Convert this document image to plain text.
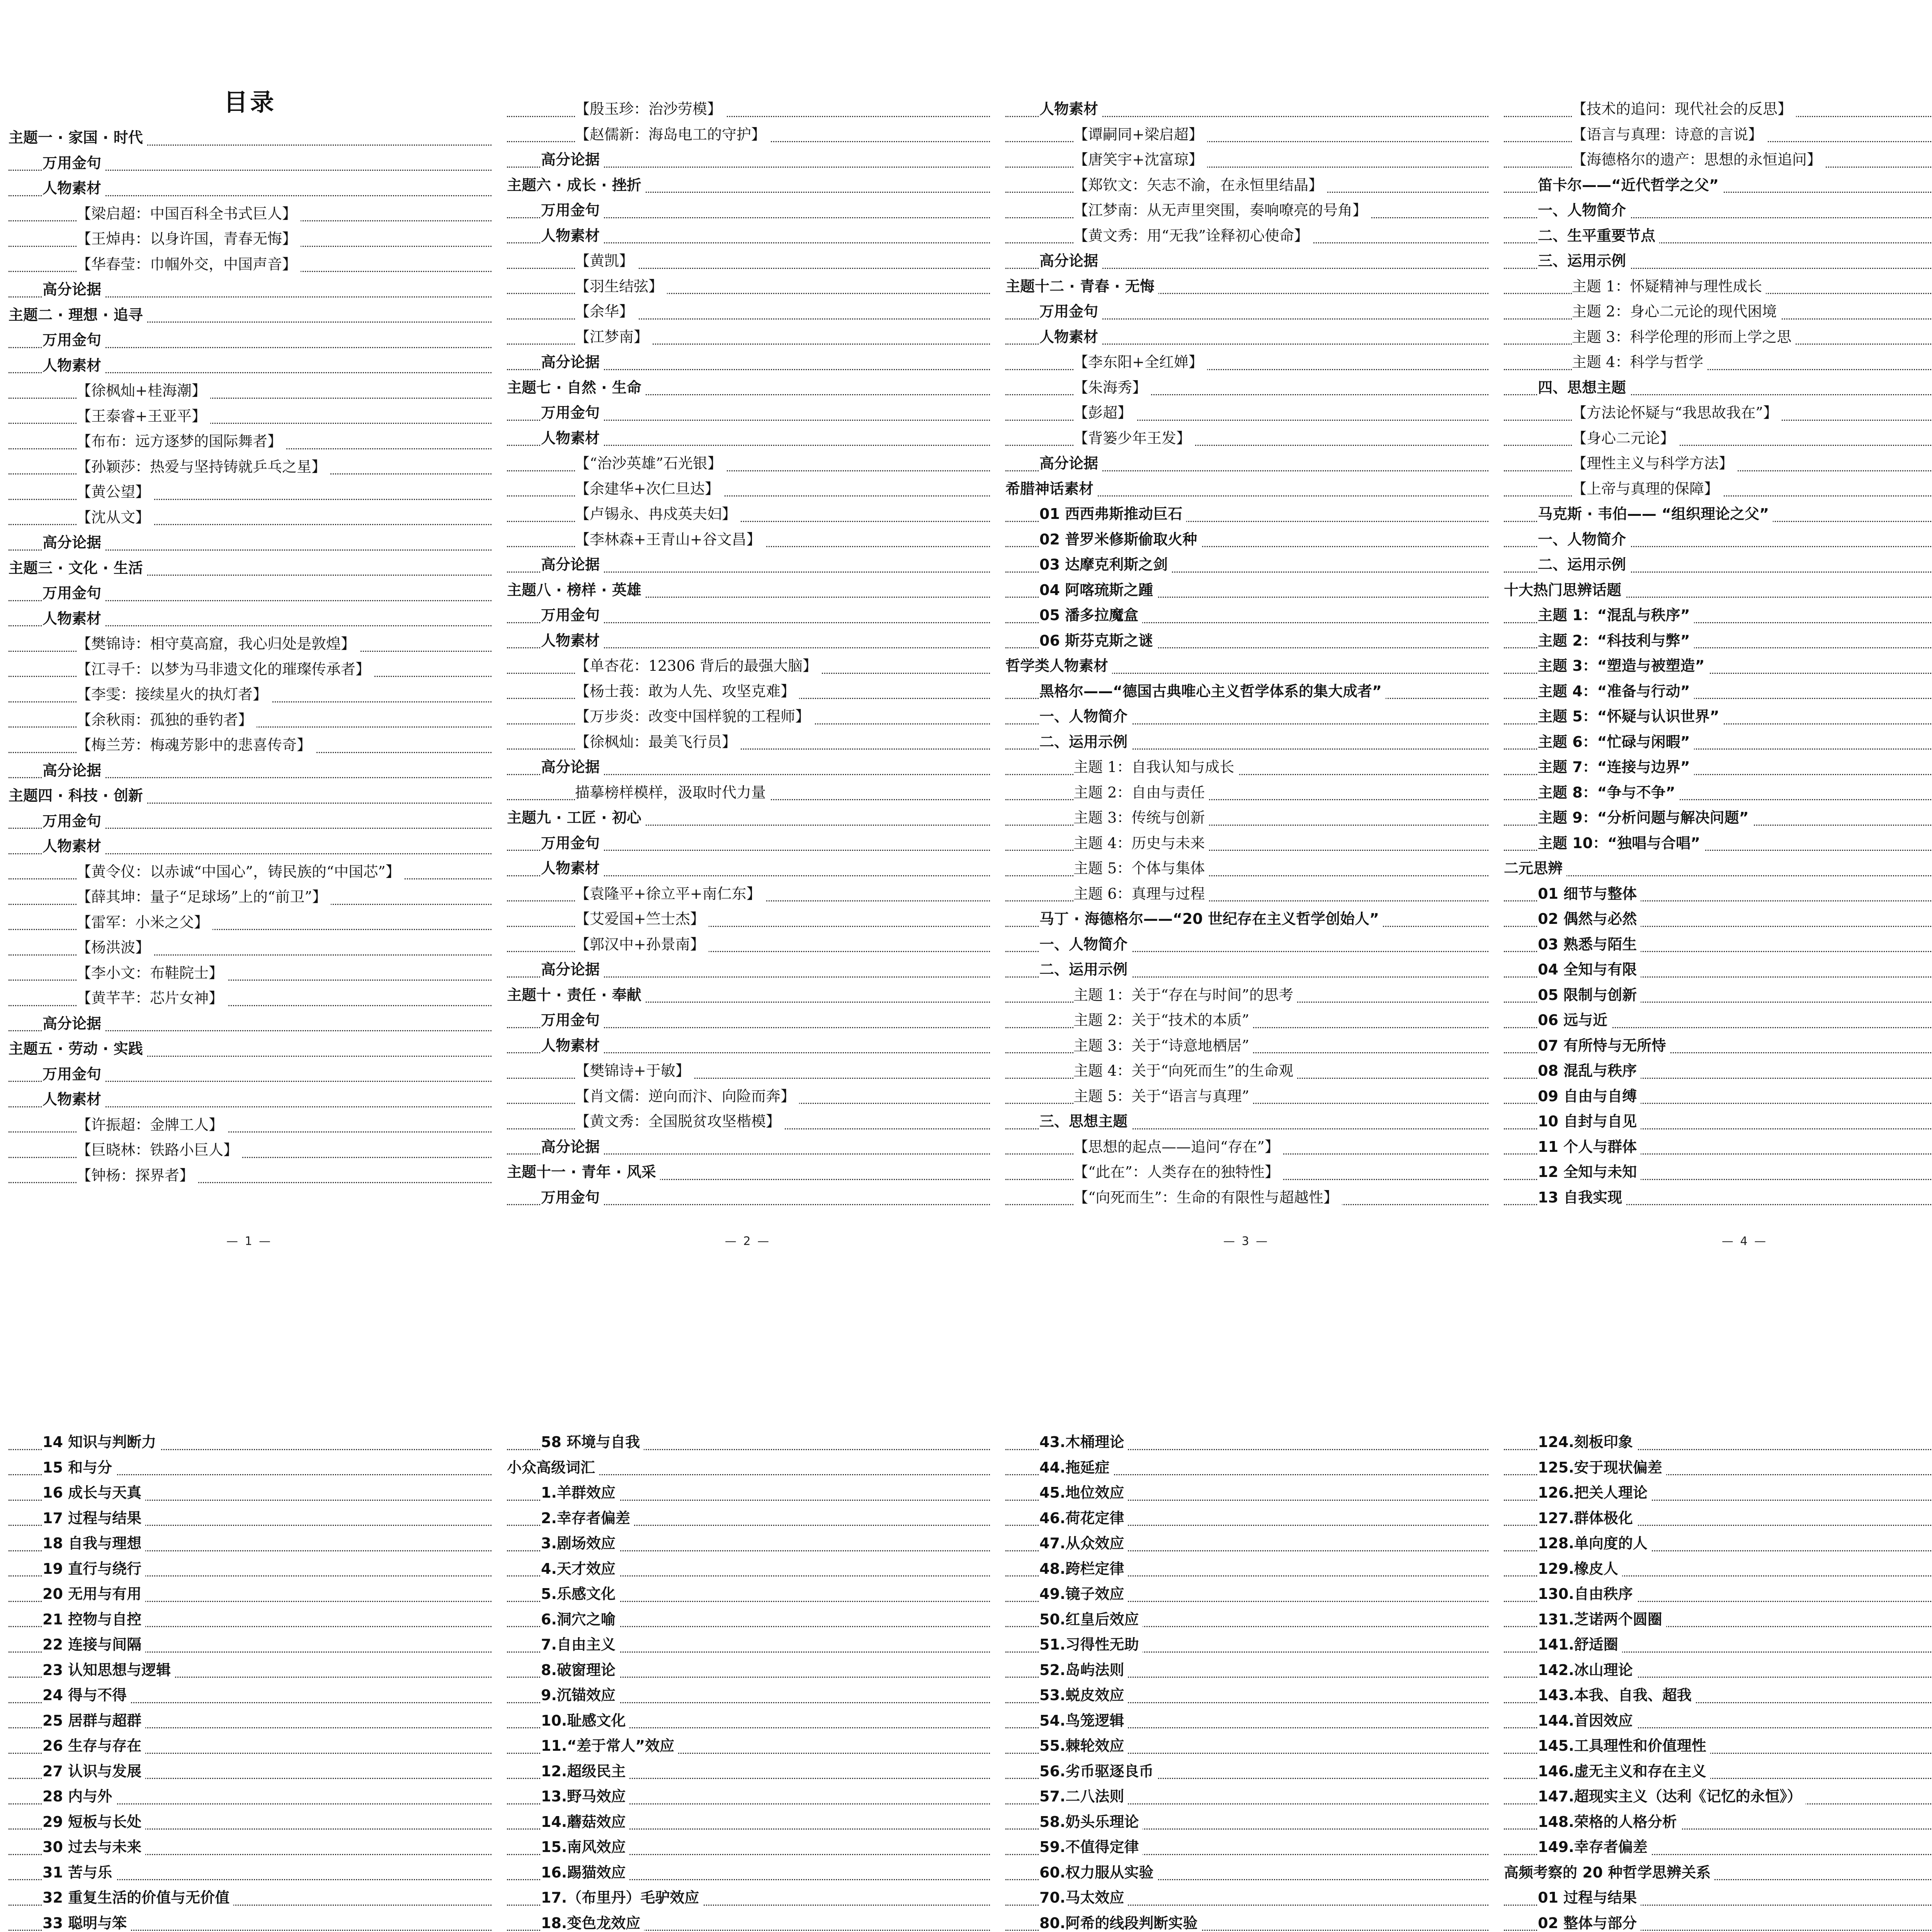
目录
主题一 · 家国 · 时代
万用金句
人物素材
【梁启超：中国百科全书式巨人】
【王焯冉：以身许国，青春无悔】
【华春莹：巾帼外交，中国声音】
高分论据
主题二 · 理想 · 追寻
万用金句
人物素材
【徐枫灿+桂海潮】
【王泰睿+王亚平】
【布布：远方逐梦的国际舞者】
【孙颖莎：热爱与坚持铸就乒乓之星】
【黄公望】
【沈从文】
高分论据
主题三 · 文化 · 生活
万用金句
人物素材
【樊锦诗：相守莫高窟，我心归处是敦煌】
【江寻千：以梦为马非遗文化的璀璨传承者】
【李雯：接续星火的执灯者】
【余秋雨：孤独的垂钓者】
【梅兰芳：梅魂芳影中的悲喜传奇】
高分论据
主题四 · 科技 · 创新
万用金句
人物素材
【黄令仪：以赤诚“中国心”，铸民族的“中国芯”】
【薛其坤：量子“足球场”上的“前卫”】
【雷军：小米之父】
【杨洪波】
【李小文：布鞋院士】
【黄芊芊：芯片女神】
高分论据
主题五 · 劳动 · 实践
万用金句
人物素材
【许振超：金牌工人】
【巨晓林：铁路小巨人】
【钟杨：探界者】
— 1 —
【殷玉珍：治沙劳模】
【赵儒新：海岛电工的守护】
高分论据
主题六 · 成长 · 挫折
万用金句
人物素材
【黄凯】
【羽生结弦】
【余华】
【江梦南】
高分论据
主题七 · 自然 · 生命
万用金句
人物素材
【“治沙英雄”石光银】
【余建华+次仁旦达】
【卢锡永、冉戍英夫妇】
【李林森+王青山+谷文昌】
高分论据
主题八 · 榜样 · 英雄
万用金句
人物素材
【单杏花：12306 背后的最强大脑】
【杨士莪：敢为人先、攻坚克难】
【万步炎：改变中国样貌的工程师】
【徐枫灿：最美飞行员】
高分论据
描摹榜样模样，汲取时代力量
主题九 · 工匠 · 初心
万用金句
人物素材
【袁隆平+徐立平+南仁东】
【艾爱国+竺士杰】
【郭汉中+孙景南】
高分论据
主题十 · 责任 · 奉献
万用金句
人物素材
【樊锦诗+于敏】
【肖文儒：逆向而汴、向险而奔】
【黄文秀：全国脱贫攻坚楷模】
高分论据
主题十一 · 青年 · 风采
万用金句
— 2 —
人物素材
【谭嗣同+梁启超】
【唐笑宇+沈富琼】
【郑钦文：矢志不渝，在永恒里结晶】
【江梦南：从无声里突围，奏响嘹亮的号角】
【黄文秀：用“无我”诠释初心使命】
高分论据
主题十二 · 青春 · 无悔
万用金句
人物素材
【李东阳+全红婵】
【朱海秀】
【彭超】
【背篓少年王发】
高分论据
希腊神话素材
01 西西弗斯推动巨石
02 普罗米修斯偷取火种
03 达摩克利斯之剑
04 阿喀琉斯之踵
05 潘多拉魔盒
06 斯芬克斯之谜
哲学类人物素材
黑格尔——“德国古典唯心主义哲学体系的集大成者”
一、人物简介
二、运用示例
主题 1：自我认知与成长
主题 2：自由与责任
主题 3：传统与创新
主题 4：历史与未来
主题 5：个体与集体
主题 6：真理与过程
马丁 · 海德格尔——“20 世纪存在主义哲学创始人”
一、人物简介
二、运用示例
主题 1：关于“存在与时间”的思考
主题 2：关于“技术的本质”
主题 3：关于“诗意地栖居”
主题 4：关于“向死而生”的生命观
主题 5：关于“语言与真理”
三、思想主题
【思想的起点——追问“存在”】
【“此在”：人类存在的独特性】
【“向死而生”：生命的有限性与超越性】
— 3 —
【技术的追问：现代社会的反思】
【语言与真理：诗意的言说】
【海德格尔的遗产：思想的永恒追问】
笛卡尔——“近代哲学之父”
一、人物简介
二、生平重要节点
三、运用示例
主题 1：怀疑精神与理性成长
主题 2：身心二元论的现代困境
主题 3：科学伦理的形而上学之思
主题 4：科学与哲学
四、思想主题
【方法论怀疑与“我思故我在”】
【身心二元论】
【理性主义与科学方法】
【上帝与真理的保障】
马克斯 · 韦伯—— “组织理论之父”
一、人物简介
二、运用示例
十大热门思辨话题
主题 1：“混乱与秩序”
主题 2：“科技利与弊”
主题 3：“塑造与被塑造”
主题 4：“准备与行动”
主题 5：“怀疑与认识世界”
主题 6：“忙碌与闲暇”
主题 7：“连接与边界”
主题 8：“争与不争”
主题 9：“分析问题与解决问题”
主题 10：“独唱与合唱”
二元思辨
01 细节与整体
02 偶然与必然
03 熟悉与陌生
04 全知与有限
05 限制与创新
06 远与近
07 有所恃与无所恃
08 混乱与秩序
09 自由与自缚
10 自封与自见
11 个人与群体
12 全知与未知
13 自我实现
— 4 —
14 知识与判断力
15 和与分
16 成长与天真
17 过程与结果
18 自我与理想
19 直行与绕行
20 无用与有用
21 控物与自控
22 连接与间隔
23 认知思想与逻辑
24 得与不得
25 居群与超群
26 生存与存在
27 认识与发展
28 内与外
29 短板与长处
30 过去与未来
31 苦与乐
32 重复生活的价值与无价值
33 聪明与笨
58 环境与自我
小众高级词汇
1.羊群效应
2.幸存者偏差
3.剧场效应
4.天才效应
5.乐感文化
6.洞穴之喻
7.自由主义
8.破窗理论
9.沉锚效应
10.耻感文化
11.“差于常人”效应
12.超级民主
13.野马效应
14.蘑菇效应
15.南风效应
16.踢猫效应
17.（布里丹）毛驴效应
18.变色龙效应
43.木桶理论
44.拖延症
45.地位效应
46.荷花定律
47.从众效应
48.跨栏定律
49.镜子效应
50.红皇后效应
51.习得性无助
52.岛屿法则
53.蜕皮效应
54.鸟笼逻辑
55.棘轮效应
56.劣币驱逐良币
57.二八法则
58.奶头乐理论
59.不值得定律
60.权力服从实验
70.马太效应
80.阿希的线段判断实验
124.刻板印象
125.安于现状偏差
126.把关人理论
127.群体极化
128.单向度的人
129.橡皮人
130.自由秩序
131.芝诺两个圆圈
141.舒适圈
142.冰山理论
143.本我、自我、超我
144.首因效应
145.工具理性和价值理性
146.虚无主义和存在主义
147.超现实主义（达利《记忆的永恒》）
148.荣格的人格分析
149.幸存者偏差
高频考察的 20 种哲学思辨关系
01 过程与结果
02 整体与部分
